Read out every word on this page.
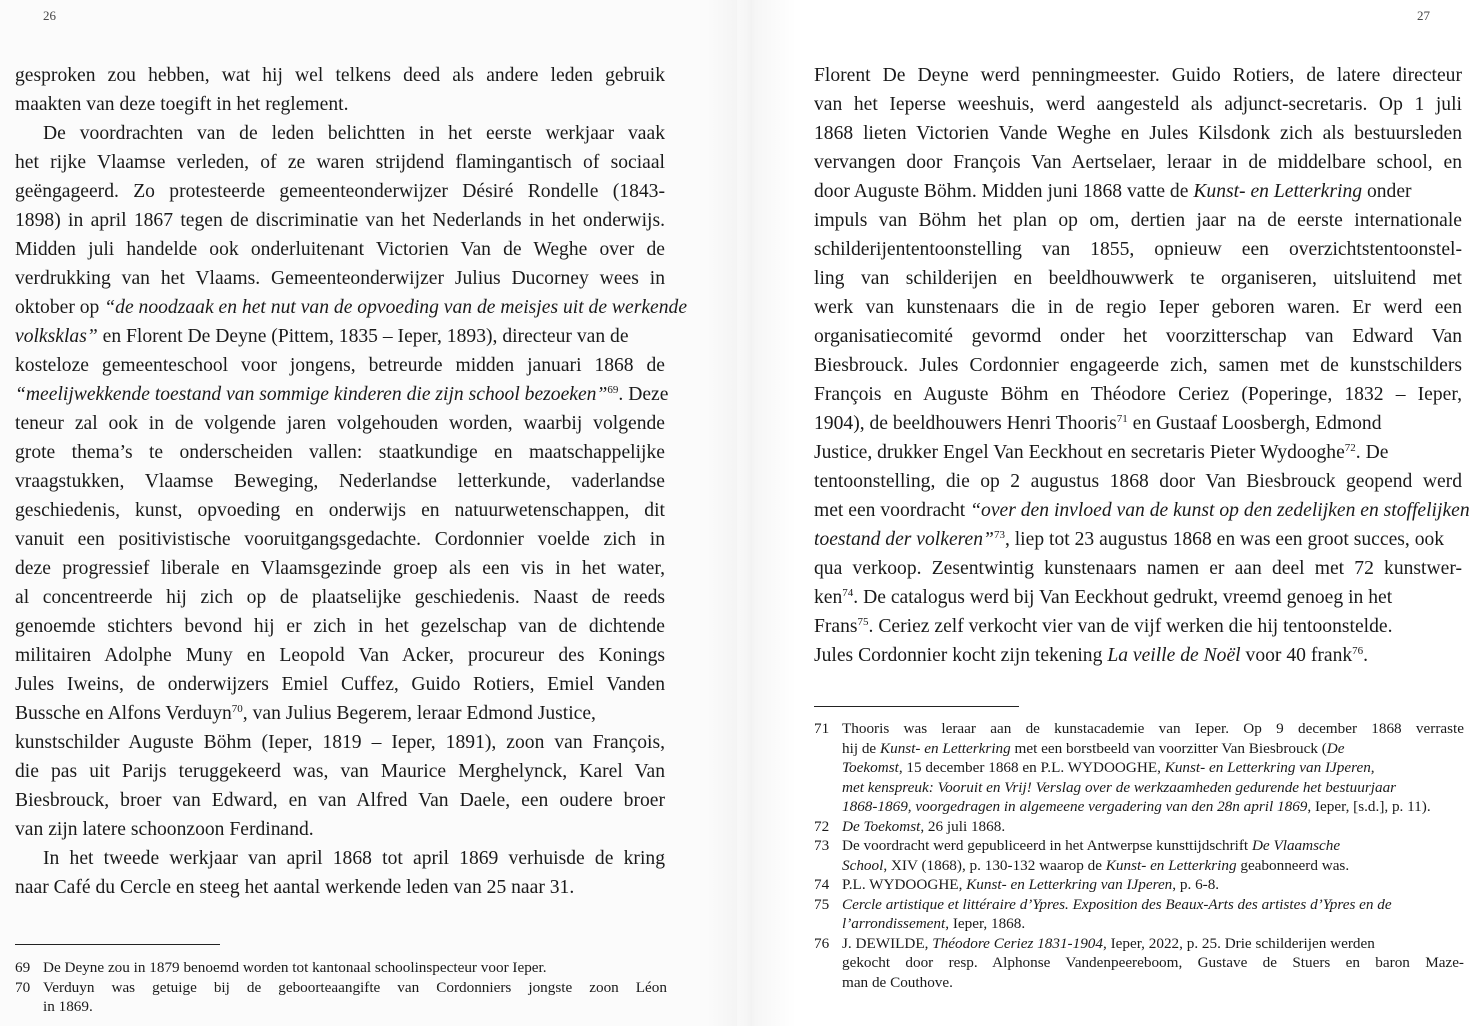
26	27
gesproken zou hebben, wat hij wel telkens deed als andere leden gebruik
maakten van deze toegift in het reglement.
De voordrachten van de leden belichtten in het eerste werkjaar vaak
het rijke Vlaamse verleden, of ze waren strijdend flamingantisch of sociaal
geëngageerd. Zo protesteerde gemeenteonderwijzer Désiré Rondelle (1843-
1898) in april 1867 tegen de discriminatie van het Nederlands in het onderwijs.
Midden juli handelde ook onderluitenant Victorien Van de Weghe over de
verdrukking van het Vlaams. Gemeenteonderwijzer Julius Ducorney wees in
oktober op “de noodzaak en het nut van de opvoeding van de meisjes uit de werkende
volksklas” en Florent De Deyne (Pittem, 1835 – Ieper, 1893), directeur van de
kosteloze gemeenteschool voor jongens, betreurde midden januari 1868 de
“meelijwekkende toestand van sommige kinderen die zijn school bezoeken”$^{69}$. Deze
teneur zal ook in de volgende jaren volgehouden worden, waarbij volgende
grote thema’s te onderscheiden vallen: staatkundige en maatschappelijke
vraagstukken, Vlaamse Beweging, Nederlandse letterkunde, vaderlandse
geschiedenis, kunst, opvoeding en onderwijs en natuurwetenschappen, dit
vanuit een positivistische vooruitgangsgedachte. Cordonnier voelde zich in
deze progressief liberale en Vlaamsgezinde groep als een vis in het water,
al concentreerde hij zich op de plaatselijke geschiedenis. Naast de reeds
genoemde stichters bevond hij er zich in het gezelschap van de dichtende
militairen Adolphe Muny en Leopold Van Acker, procureur des Konings
Jules Iweins, de onderwijzers Emiel Cuffez, Guido Rotiers, Emiel Vanden
Bussche en Alfons Verduyn$^{70}$, van Julius Begerem, leraar Edmond Justice,
kunstschilder Auguste Böhm (Ieper, 1819 – Ieper, 1891), zoon van François,
die pas uit Parijs teruggekeerd was, van Maurice Merghelynck, Karel Van
Biesbrouck, broer van Edward, en van Alfred Van Daele, een oudere broer
van zijn latere schoonzoon Ferdinand.
In het tweede werkjaar van april 1868 tot april 1869 verhuisde de kring
naar Café du Cercle en steeg het aantal werkende leden van 25 naar 31.
69 De Deyne zou in 1879 benoemd worden tot kantonaal schoolinspecteur voor Ieper.
70 Verduyn was getuige bij de geboorteaangifte van Cordonniers jongste zoon Léon
in 1869.
Florent De Deyne werd penningmeester. Guido Rotiers, de latere directeur
van het Ieperse weeshuis, werd aangesteld als adjunct-secretaris. Op 1 juli
1868 lieten Victorien Vande Weghe en Jules Kilsdonk zich als bestuursleden
vervangen door François Van Aertselaer, leraar in de middelbare school, en
door Auguste Böhm. Midden juni 1868 vatte de Kunst- en Letterkring onder
impuls van Böhm het plan op om, dertien jaar na de eerste internationale
schilderijententoonstelling van 1855, opnieuw een overzichtstentoonstel-
ling van schilderijen en beeldhouwwerk te organiseren, uitsluitend met
werk van kunstenaars die in de regio Ieper geboren waren. Er werd een
organisatiecomité gevormd onder het voorzitterschap van Edward Van
Biesbrouck. Jules Cordonnier engageerde zich, samen met de kunstschilders
François en Auguste Böhm en Théodore Ceriez (Poperinge, 1832 – Ieper,
1904), de beeldhouwers Henri Thooris$^{71}$ en Gustaaf Loosbergh, Edmond
Justice, drukker Engel Van Eeckhout en secretaris Pieter Wydooghe$^{72}$. De
tentoonstelling, die op 2 augustus 1868 door Van Biesbrouck geopend werd
met een voordracht “over den invloed van de kunst op den zedelijken en stoffelijken
toestand der volkeren”$^{73}$, liep tot 23 augustus 1868 en was een groot succes, ook
qua verkoop. Zesentwintig kunstenaars namen er aan deel met 72 kunstwer-
ken$^{74}$. De catalogus werd bij Van Eeckhout gedrukt, vreemd genoeg in het
Frans$^{75}$. Ceriez zelf verkocht vier van de vijf werken die hij tentoonstelde.
Jules Cordonnier kocht zijn tekening La veille de Noël voor 40 frank$^{76}$.
71 Thooris was leraar aan de kunstacademie van Ieper. Op 9 december 1868 verraste
hij de Kunst- en Letterkring met een borstbeeld van voorzitter Van Biesbrouck (De
Toekomst, 15 december 1868 en P.L. WYDOOGHE, Kunst- en Letterkring van IJperen,
met kenspreuk: Vooruit en Vrij! Verslag over de werkzaamheden gedurende het bestuurjaar
1868-1869, voorgedragen in algemeene vergadering van den 28n april 1869, Ieper, [s.d.], p. 11).
72 De Toekomst, 26 juli 1868.
73 De voordracht werd gepubliceerd in het Antwerpse kunsttijdschrift De Vlaamsche
School, XIV (1868), p. 130-132 waarop de Kunst- en Letterkring geabonneerd was.
74 P.L. WYDOOGHE, Kunst- en Letterkring van IJperen, p. 6-8.
75 Cercle artistique et littéraire d’Ypres. Exposition des Beaux-Arts des artistes d’Ypres en de
l’arrondissement, Ieper, 1868.
76 J. DEWILDE, Théodore Ceriez 1831-1904, Ieper, 2022, p. 25. Drie schilderijen werden
gekocht door resp. Alphonse Vandenpeereboom, Gustave de Stuers en baron Maze-
man de Couthove.
